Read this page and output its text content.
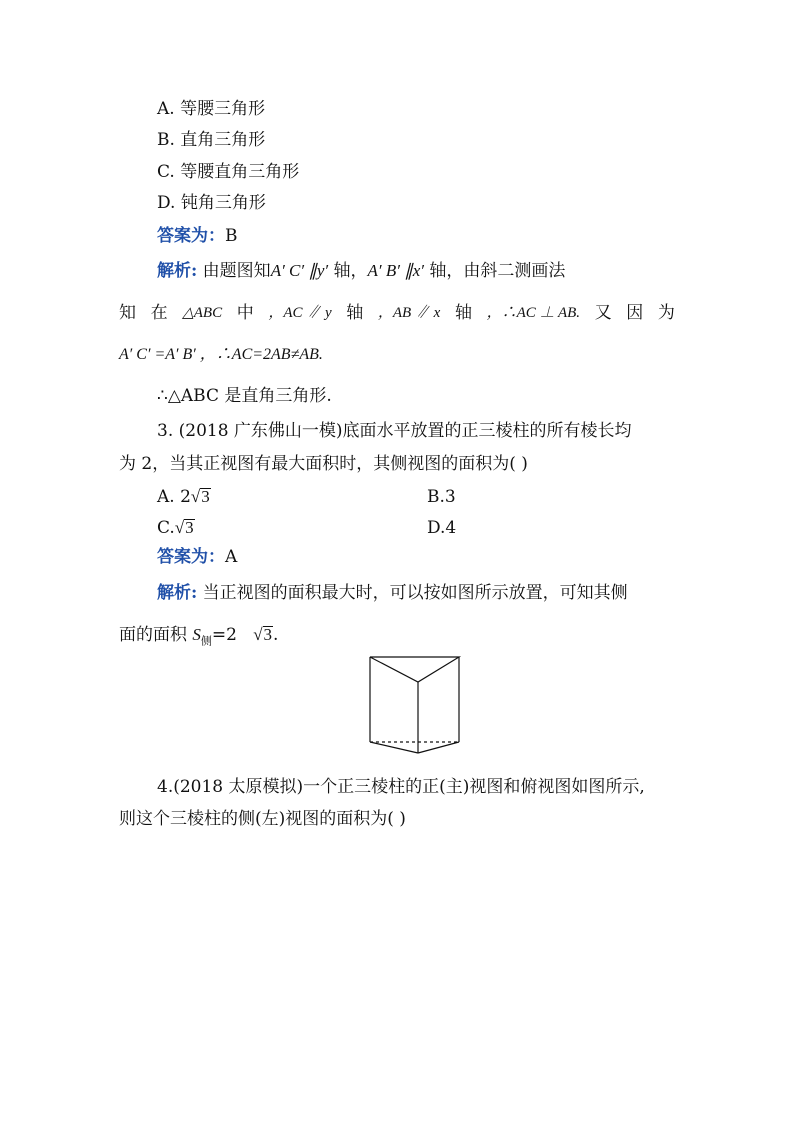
A. 等腰三角形
B. 直角三角形
C. 等腰直角三角形
D. 钝角三角形
答案为：B
解析: 由题图知A′ C′ ∥y′ 轴，A′ B′ ∥x′ 轴，由斜二测画法
知 在 △ABC 中 ，AC ∥ y 轴 ，AB ∥ x 轴 ，∴AC ⊥ AB. 又 因 为
A′ C′ =A′ B′ ，∴AC=2AB≠AB.
∴△ABC 是直角三角形.
3. (2018 广东佛山一模)底面水平放置的正三棱柱的所有棱长均
为 2，当其正视图有最大面积时，其侧视图的面积为( )
A. 2√3	B.3
C.√3	D.4
答案为：A
解析: 当正视图的面积最大时，可以按如图所示放置，可知其侧
面的面积 $S_侧=2$ √3.
4.(2018 太原模拟)一个正三棱柱的正(主)视图和俯视图如图所示,
则这个三棱柱的侧(左)视图的面积为( )
